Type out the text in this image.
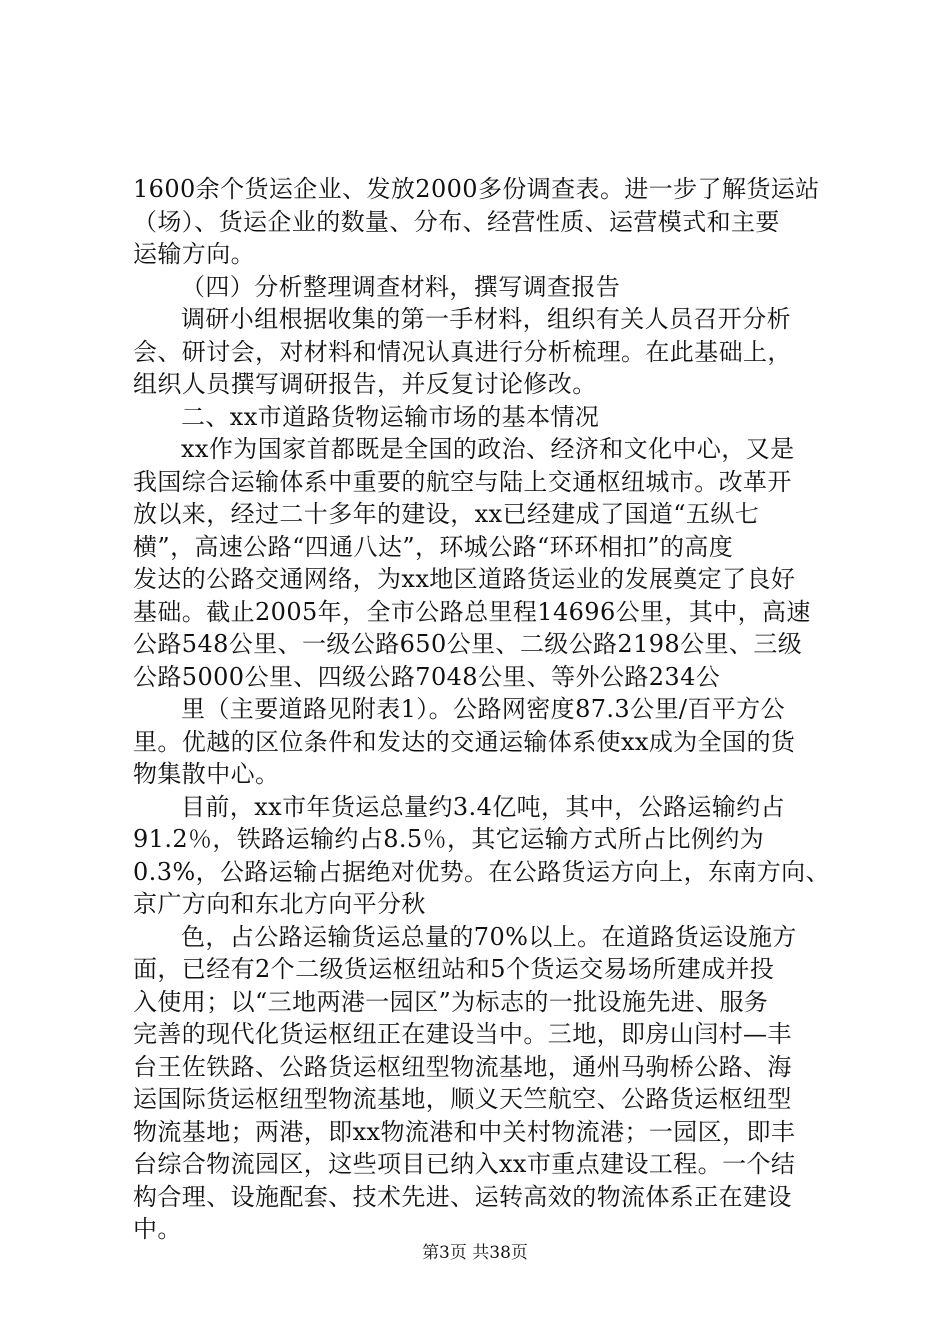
1600余个货运企业、发放2000多份调查表。进一步了解货运站
（场）、货运企业的数量、分布、经营性质、运营模式和主要
运输方向。
（四）分析整理调查材料，撰写调查报告
调研小组根据收集的第一手材料，组织有关人员召开分析
会、研讨会，对材料和情况认真进行分析梳理。在此基础上，
组织人员撰写调研报告，并反复讨论修改。
二、xx市道路货物运输市场的基本情况
xx作为国家首都既是全国的政治、经济和文化中心，又是
我国综合运输体系中重要的航空与陆上交通枢纽城市。改革开
放以来，经过二十多年的建设，xx已经建成了国道“五纵七
横”，高速公路“四通八达”，环城公路“环环相扣”的高度
发达的公路交通网络，为xx地区道路货运业的发展奠定了良好
基础。截止2005年，全市公路总里程14696公里，其中，高速
公路548公里、一级公路650公里、二级公路2198公里、三级
公路5000公里、四级公路7048公里、等外公路234公
里（主要道路见附表1）。公路网密度87.3公里/百平方公
里。优越的区位条件和发达的交通运输体系使xx成为全国的货
物集散中心。
目前，xx市年货运总量约3.4亿吨，其中，公路运输约占
91.2％，铁路运输约占8.5％，其它运输方式所占比例约为
0.3%，公路运输占据绝对优势。在公路货运方向上，东南方向、
京广方向和东北方向平分秋
色，占公路运输货运总量的70%以上。在道路货运设施方
面，已经有2个二级货运枢纽站和5个货运交易场所建成并投
入使用；以“三地两港一园区”为标志的一批设施先进、服务
完善的现代化货运枢纽正在建设当中。三地，即房山闫村—丰
台王佐铁路、公路货运枢纽型物流基地，通州马驹桥公路、海
运国际货运枢纽型物流基地，顺义天竺航空、公路货运枢纽型
物流基地；两港，即xx物流港和中关村物流港；一园区，即丰
台综合物流园区，这些项目已纳入xx市重点建设工程。一个结
构合理、设施配套、技术先进、运转高效的物流体系正在建设
中。
第3页 共38页
